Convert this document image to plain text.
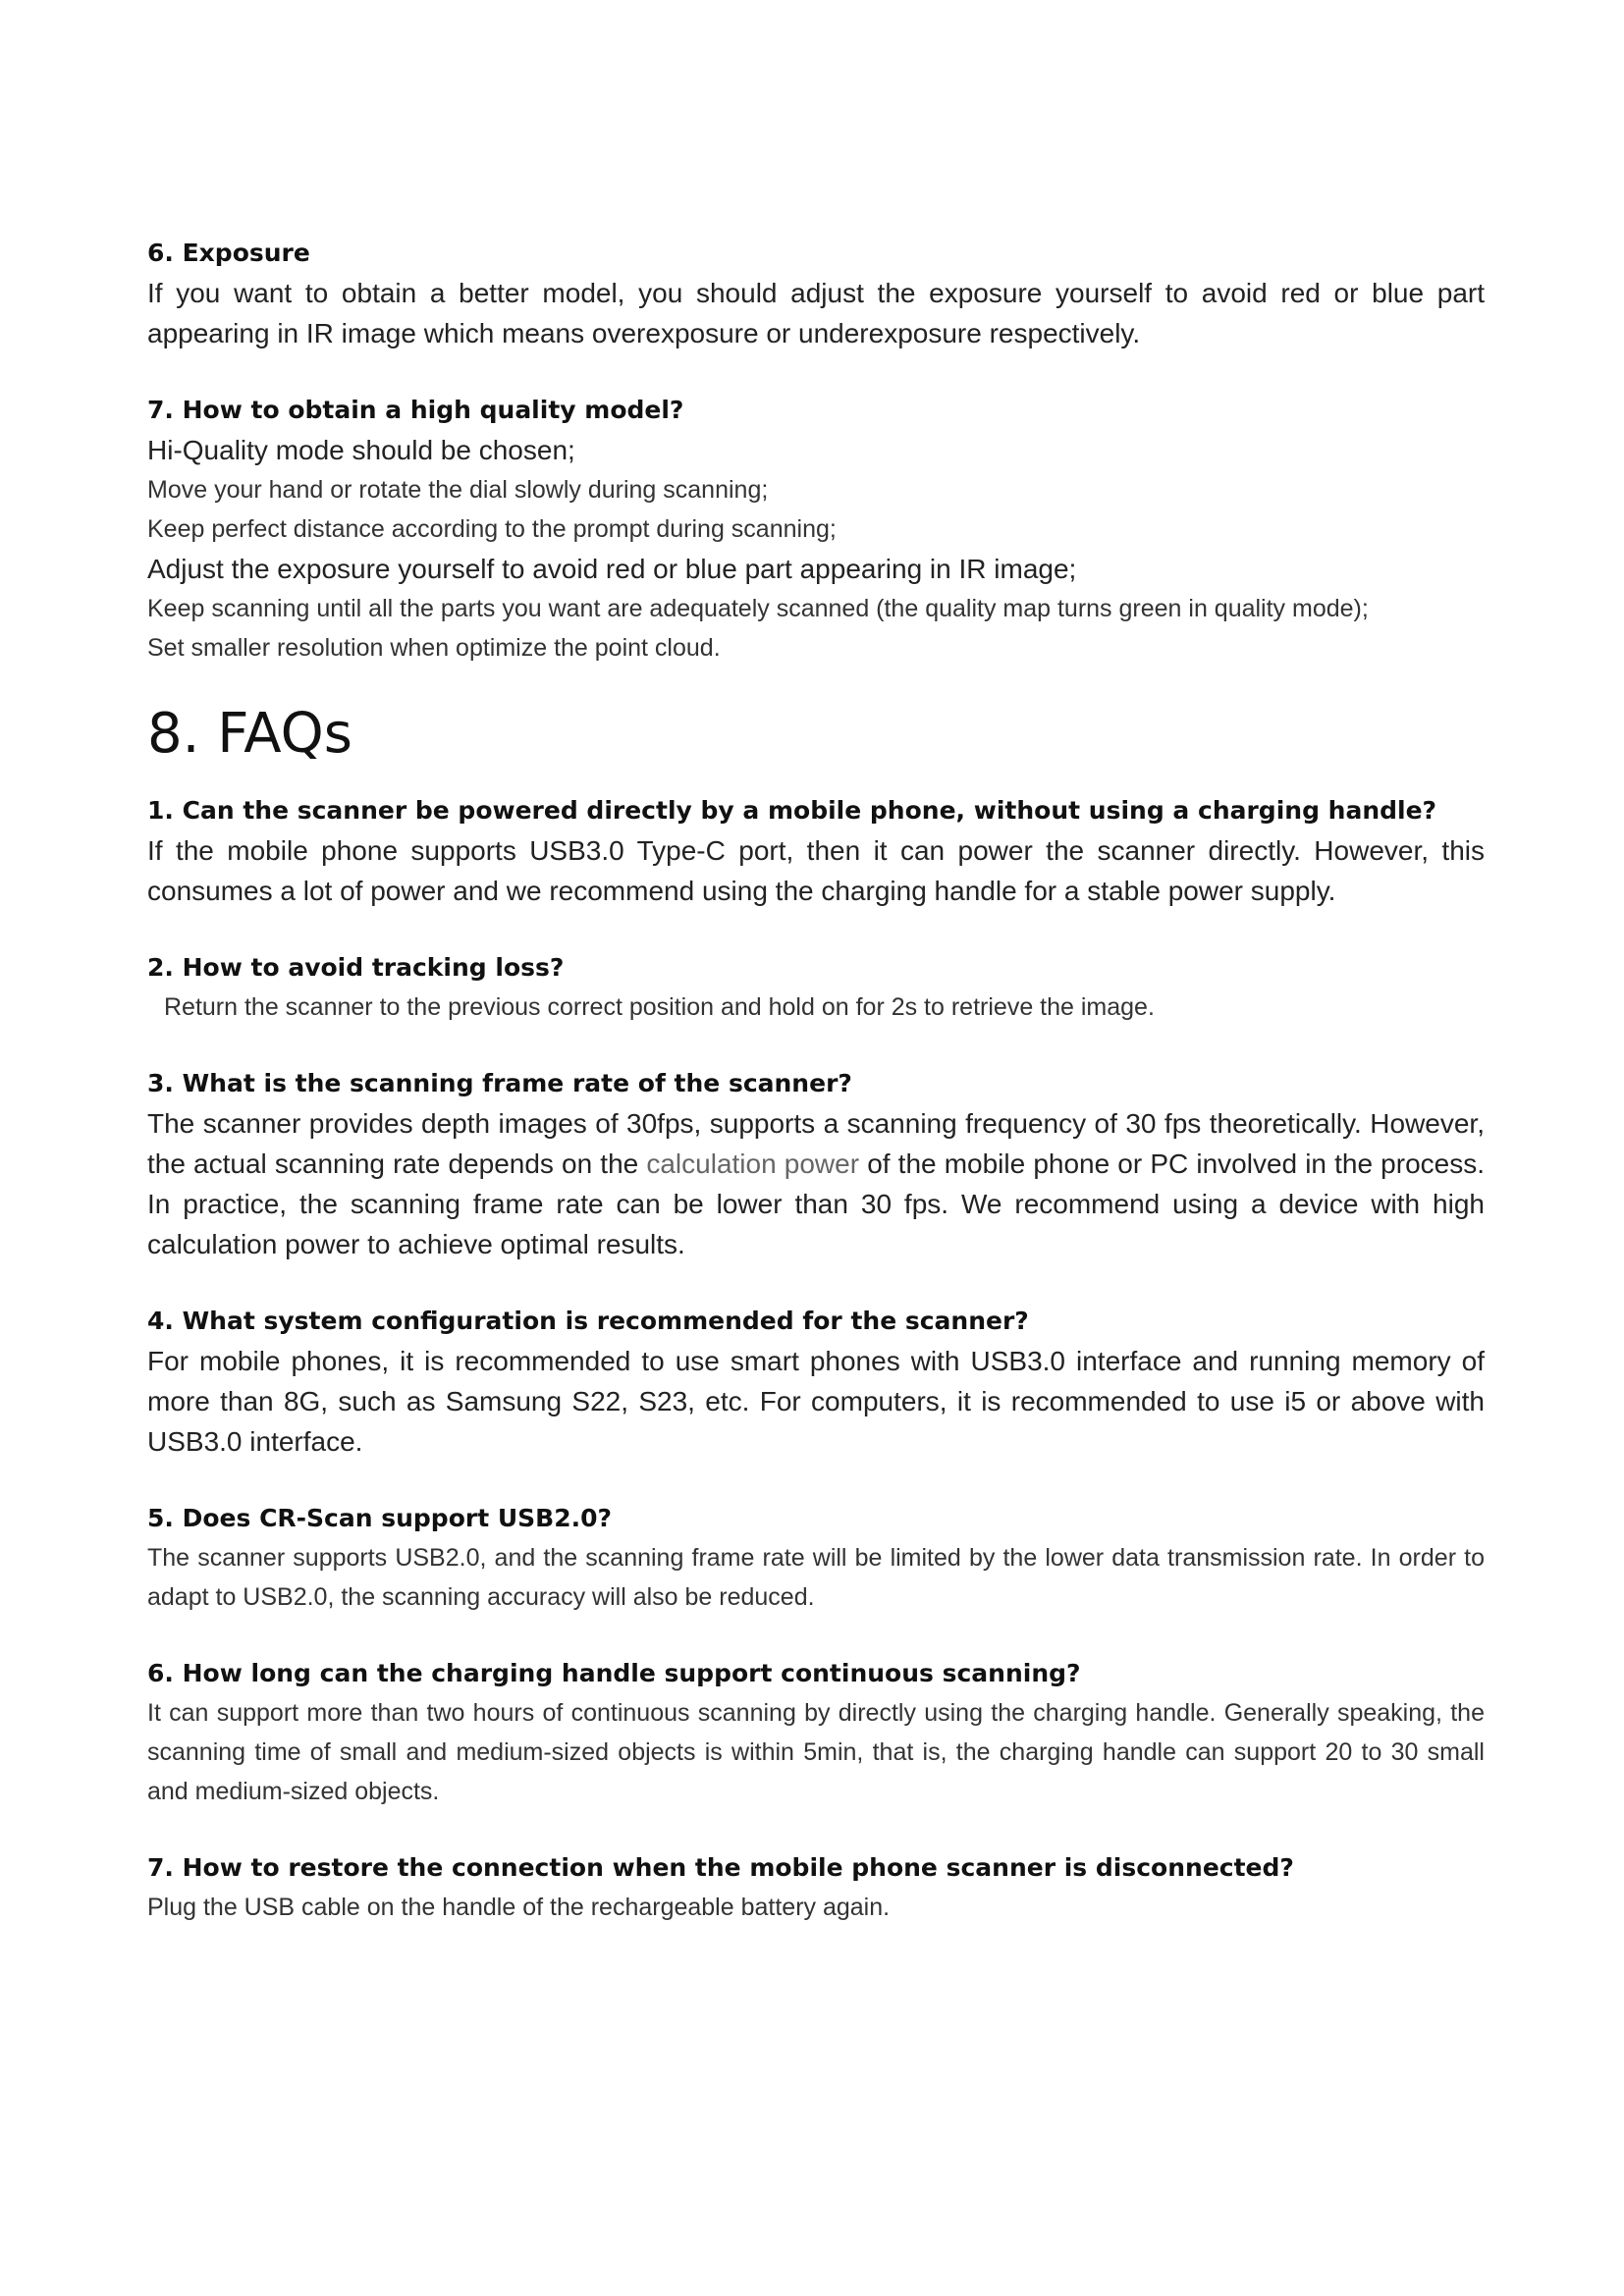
6. Exposure

If you want to obtain a better model, you should adjust the exposure yourself to avoid red or blue part appearing in IR image which means overexposure or underexposure respectively.

7. How to obtain a high quality model?

Hi-Quality mode should be chosen;

Move your hand or rotate the dial slowly during scanning;

Keep perfect distance according to the prompt during scanning;

Adjust the exposure yourself to avoid red or blue part appearing in IR image;

Keep scanning until all the parts you want are adequately scanned (the quality map turns green in quality mode);

Set smaller resolution when optimize the point cloud.

8. FAQs

1. Can the scanner be powered directly by a mobile phone, without using a charging handle?

If the mobile phone supports USB3.0 Type-C port, then it can power the scanner directly. However, this consumes a lot of power and we recommend using the charging handle for a stable power supply.

2. How to avoid tracking loss?

Return the scanner to the previous correct position and hold on for 2s to retrieve the image.

3. What is the scanning frame rate of the scanner?

The scanner provides depth images of 30fps, supports a scanning frequency of 30 fps theoretically. However, the actual scanning rate depends on the calculation power of the mobile phone or PC involved in the process. In practice, the scanning frame rate can be lower than 30 fps. We recommend using a device with high calculation power to achieve optimal results.

4. What system configuration is recommended for the scanner?

For mobile phones, it is recommended to use smart phones with USB3.0 interface and running memory of more than 8G, such as Samsung S22, S23, etc. For computers, it is recommended to use i5 or above with USB3.0 interface.

5. Does CR-Scan support USB2.0?

The scanner supports USB2.0, and the scanning frame rate will be limited by the lower data transmission rate. In order to adapt to USB2.0, the scanning accuracy will also be reduced.

6. How long can the charging handle support continuous scanning?

It can support more than two hours of continuous scanning by directly using the charging handle. Generally speaking, the scanning time of small and medium-sized objects is within 5min, that is, the charging handle can support 20 to 30 small and medium-sized objects.

7. How to restore the connection when the mobile phone scanner is disconnected?

Plug the USB cable on the handle of the rechargeable battery again.
